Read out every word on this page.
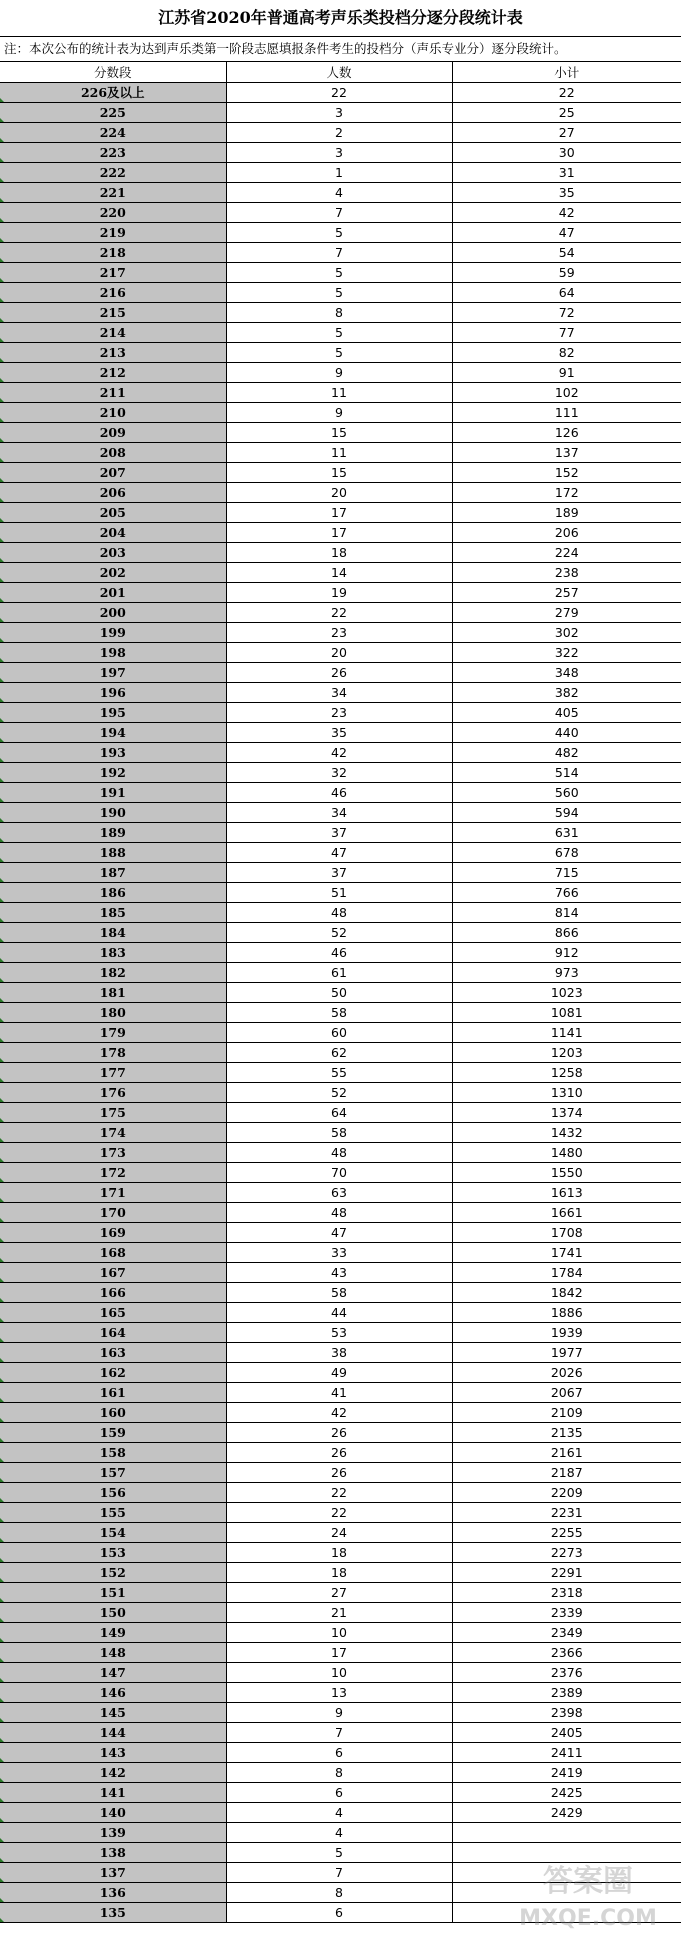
江苏省2020年普通高考声乐类投档分逐分段统计表
注：本次公布的统计表为达到声乐类第一阶段志愿填报条件考生的投档分（声乐专业分）逐分段统计。
分数段	人数	小计
226及以上	22	22
225	3	25
224	2	27
223	3	30
222	1	31
221	4	35
220	7	42
219	5	47
218	7	54
217	5	59
216	5	64
215	8	72
214	5	77
213	5	82
212	9	91
211	11	102
210	9	111
209	15	126
208	11	137
207	15	152
206	20	172
205	17	189
204	17	206
203	18	224
202	14	238
201	19	257
200	22	279
199	23	302
198	20	322
197	26	348
196	34	382
195	23	405
194	35	440
193	42	482
192	32	514
191	46	560
190	34	594
189	37	631
188	47	678
187	37	715
186	51	766
185	48	814
184	52	866
183	46	912
182	61	973
181	50	1023
180	58	1081
179	60	1141
178	62	1203
177	55	1258
176	52	1310
175	64	1374
174	58	1432
173	48	1480
172	70	1550
171	63	1613
170	48	1661
169	47	1708
168	33	1741
167	43	1784
166	58	1842
165	44	1886
164	53	1939
163	38	1977
162	49	2026
161	41	2067
160	42	2109
159	26	2135
158	26	2161
157	26	2187
156	22	2209
155	22	2231
154	24	2255
153	18	2273
152	18	2291
151	27	2318
150	21	2339
149	10	2349
148	17	2366
147	10	2376
146	13	2389
145	9	2398
144	7	2405
143	6	2411
142	8	2419
141	6	2425
140	4	2429
139	4	
138	5	
137	7	
136	8	
135	6	
答案圈
MXQE.COM
